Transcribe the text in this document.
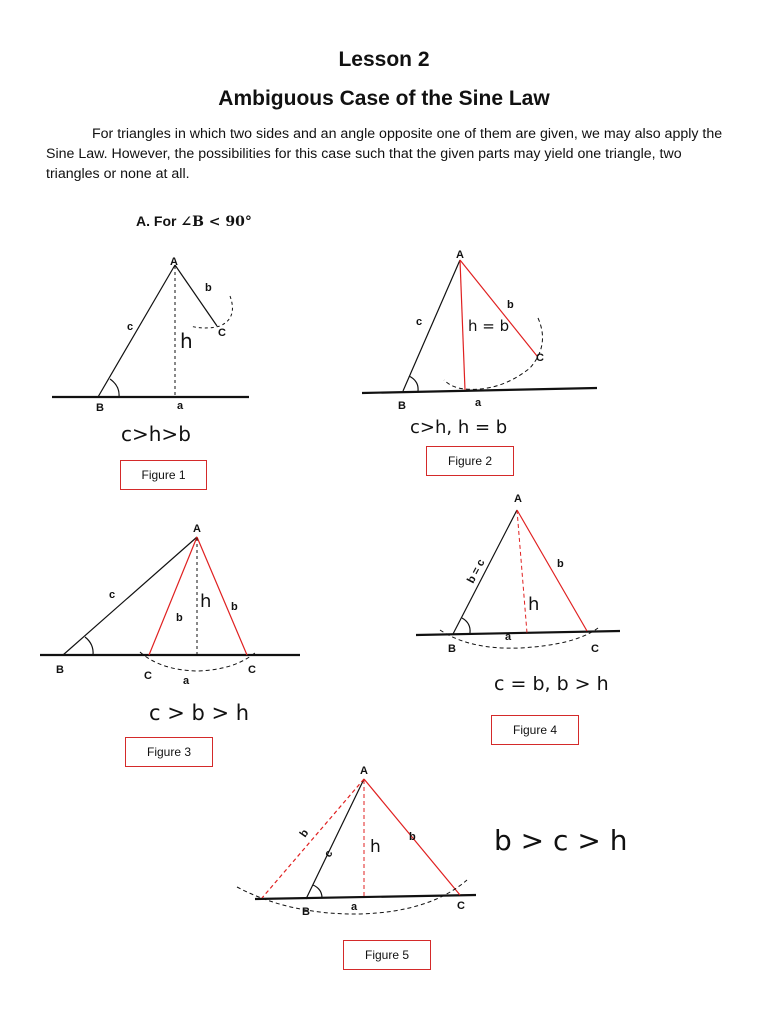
Lesson 2
Ambiguous Case of the Sine Law
For triangles in which two sides and an angle opposite one of them are given, we may also apply the Sine Law. However, the possibilities for this case such that the given parts may yield one triangle, two triangles or none at all.
A. For ∠B < 90°
A
B
C
a
b
c
h
c>h>b
A
B
C
a
b
c	h = b
c>h, h = b
A
B	C	C
a
b
b
c	h
c > b > h
A
B	C
a
b
b = c
h
c = b, b > h
A
B	C
a
b	b
c h	b > c > h
Figure 1
Figure 2
Figure 3
Figure 4
Figure 5
